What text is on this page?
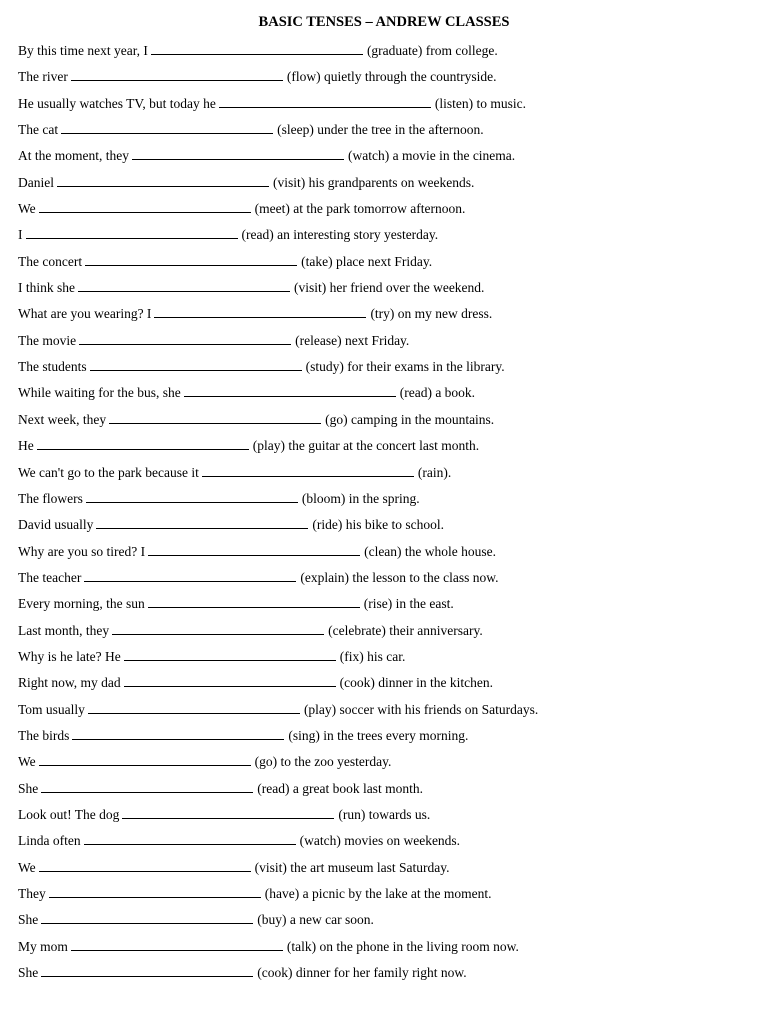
BASIC TENSES – ANDREW CLASSES
By this time next year, I	(graduate) from college.
The river	(flow) quietly through the countryside.
He usually watches TV, but today he	(listen) to music.
The cat	(sleep) under the tree in the afternoon.
At the moment, they	(watch) a movie in the cinema.
Daniel	(visit) his grandparents on weekends.
We	(meet) at the park tomorrow afternoon.
I	(read) an interesting story yesterday.
The concert	(take) place next Friday.
I think she	(visit) her friend over the weekend.
What are you wearing? I	(try) on my new dress.
The movie	(release) next Friday.
The students	(study) for their exams in the library.
While waiting for the bus, she	(read) a book.
Next week, they	(go) camping in the mountains.
He	(play) the guitar at the concert last month.
We can't go to the park because it	(rain).
The flowers	(bloom) in the spring.
David usually	(ride) his bike to school.
Why are you so tired? I	(clean) the whole house.
The teacher	(explain) the lesson to the class now.
Every morning, the sun	(rise) in the east.
Last month, they	(celebrate) their anniversary.
Why is he late? He	(fix) his car.
Right now, my dad	(cook) dinner in the kitchen.
Tom usually	(play) soccer with his friends on Saturdays.
The birds	(sing) in the trees every morning.
We	(go) to the zoo yesterday.
She	(read) a great book last month.
Look out! The dog	(run) towards us.
Linda often	(watch) movies on weekends.
We	(visit) the art museum last Saturday.
They	(have) a picnic by the lake at the moment.
She	(buy) a new car soon.
My mom	(talk) on the phone in the living room now.
She	(cook) dinner for her family right now.
